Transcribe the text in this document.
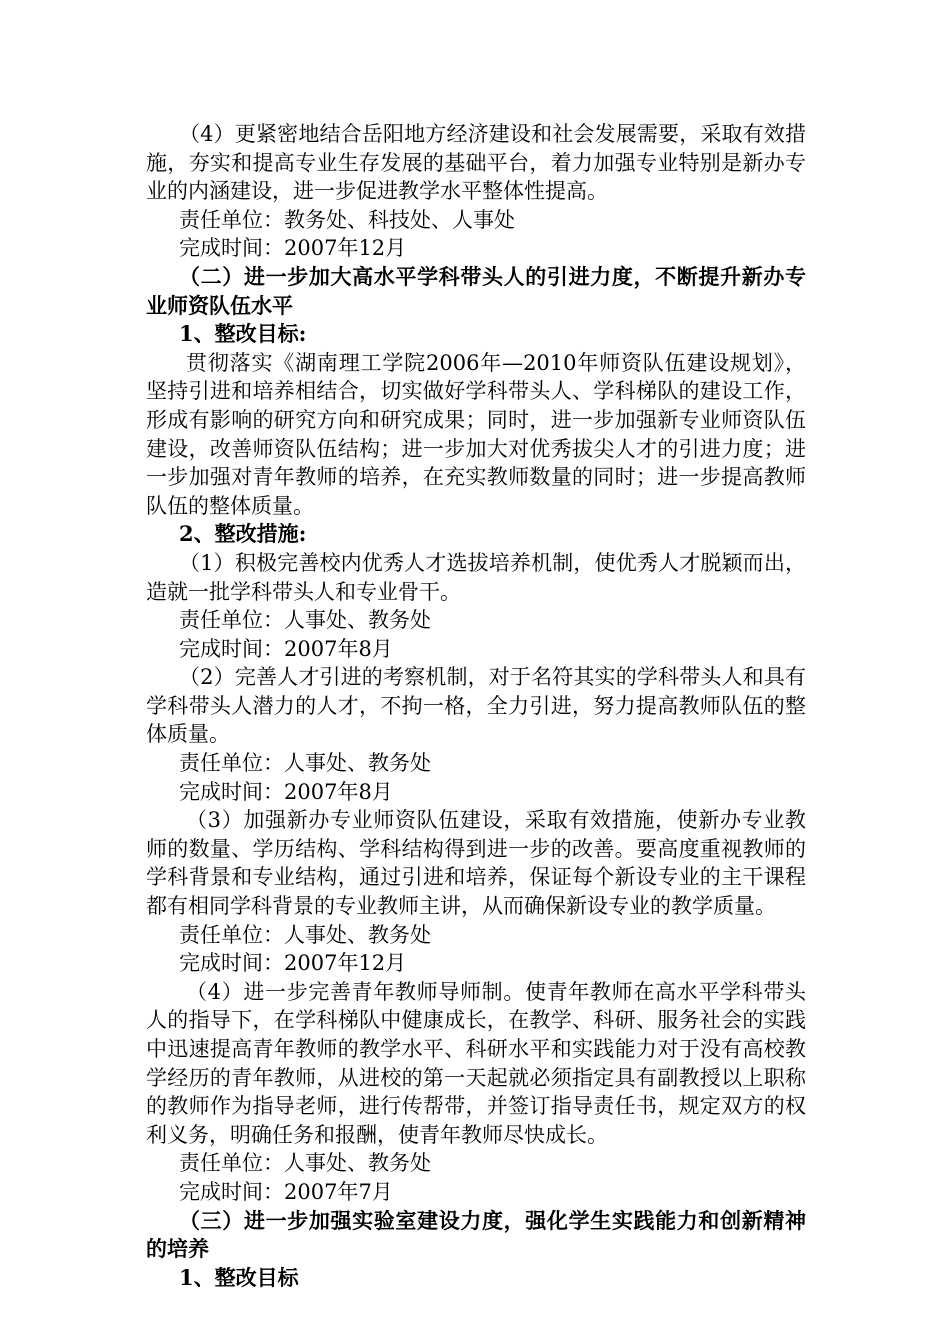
（4）更紧密地结合岳阳地方经济建设和社会发展需要，采取有效措施，夯实和提高专业生存发展的基础平台，着力加强专业特别是新办专业的内涵建设，进一步促进教学水平整体性提高。

责任单位：教务处、科技处、人事处

完成时间：2007年12月

（二）进一步加大高水平学科带头人的引进力度，不断提升新办专业师资队伍水平

1、整改目标:

贯彻落实《湖南理工学院2006年—2010年师资队伍建设规划》，坚持引进和培养相结合，切实做好学科带头人、学科梯队的建设工作，形成有影响的研究方向和研究成果；同时，进一步加强新专业师资队伍建设，改善师资队伍结构；进一步加大对优秀拔尖人才的引进力度；进一步加强对青年教师的培养，在充实教师数量的同时；进一步提高教师队伍的整体质量。

2、整改措施:

（1）积极完善校内优秀人才选拔培养机制，使优秀人才脱颖而出，造就一批学科带头人和专业骨干。

责任单位：人事处、教务处

完成时间：2007年8月

（2）完善人才引进的考察机制，对于名符其实的学科带头人和具有学科带头人潜力的人才，不拘一格，全力引进，努力提高教师队伍的整体质量。

责任单位：人事处、教务处

完成时间：2007年8月

（3）加强新办专业师资队伍建设，采取有效措施，使新办专业教师的数量、学历结构、学科结构得到进一步的改善。要高度重视教师的学科背景和专业结构，通过引进和培养，保证每个新设专业的主干课程都有相同学科背景的专业教师主讲，从而确保新设专业的教学质量。

责任单位：人事处、教务处

完成时间：2007年12月

（4）进一步完善青年教师导师制。使青年教师在高水平学科带头人的指导下，在学科梯队中健康成长，在教学、科研、服务社会的实践中迅速提高青年教师的教学水平、科研水平和实践能力对于没有高校教学经历的青年教师，从进校的第一天起就必须指定具有副教授以上职称的教师作为指导老师，进行传帮带，并签订指导责任书，规定双方的权利义务，明确任务和报酬，使青年教师尽快成长。

责任单位：人事处、教务处

完成时间：2007年7月

（三）进一步加强实验室建设力度，强化学生实践能力和创新精神的培养

1、整改目标
